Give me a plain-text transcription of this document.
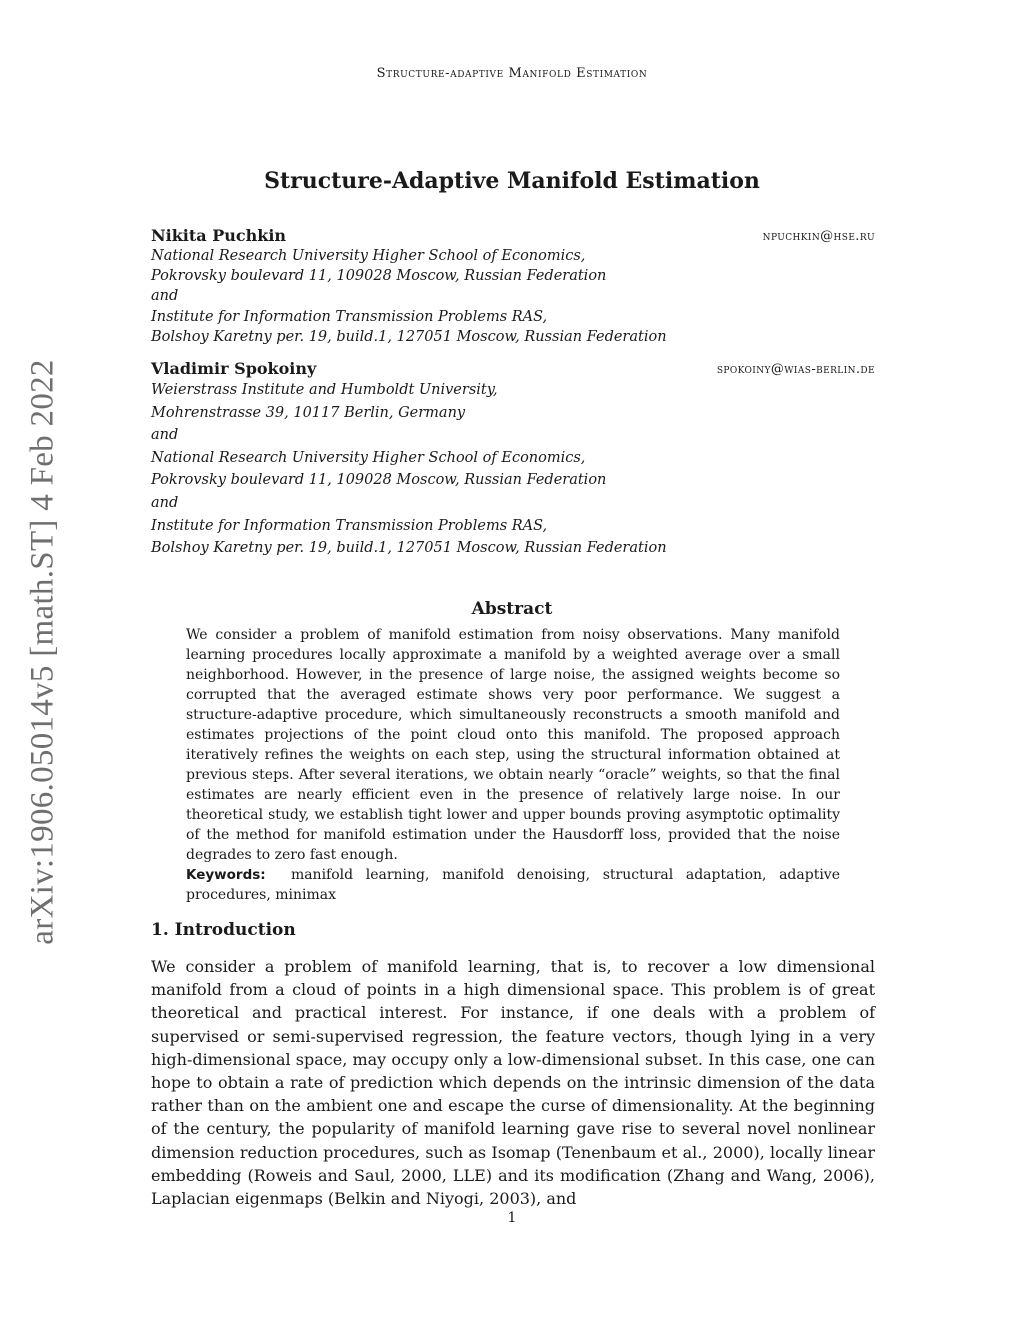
Structure-adaptive Manifold Estimation
Structure-Adaptive Manifold Estimation
arXiv:1906.05014v5 [math.ST] 4 Feb 2022
Nikita Puchkin	npuchkin@hse.ru
National Research University Higher School of Economics,
Pokrovsky boulevard 11, 109028 Moscow, Russian Federation
and
Institute for Information Transmission Problems RAS,
Bolshoy Karetny per. 19, build.1, 127051 Moscow, Russian Federation
Vladimir Spokoiny	spokoiny@wias-berlin.de
Weierstrass Institute and Humboldt University,
Mohrenstrasse 39, 10117 Berlin, Germany
and
National Research University Higher School of Economics,
Pokrovsky boulevard 11, 109028 Moscow, Russian Federation
and
Institute for Information Transmission Problems RAS,
Bolshoy Karetny per. 19, build.1, 127051 Moscow, Russian Federation
Abstract
We consider a problem of manifold estimation from noisy observations. Many manifold learning procedures locally approximate a manifold by a weighted average over a small neighborhood. However, in the presence of large noise, the assigned weights become so corrupted that the averaged estimate shows very poor performance. We suggest a structure-adaptive procedure, which simultaneously reconstructs a smooth manifold and estimates projections of the point cloud onto this manifold. The proposed approach iteratively refines the weights on each step, using the structural information obtained at previous steps. After several iterations, we obtain nearly “oracle” weights, so that the final estimates are nearly efficient even in the presence of relatively large noise. In our theoretical study, we establish tight lower and upper bounds proving asymptotic optimality of the method for manifold estimation under the Hausdorff loss, provided that the noise degrades to zero fast enough.
Keywords: manifold learning, manifold denoising, structural adaptation, adaptive procedures, minimax
1. Introduction
We consider a problem of manifold learning, that is, to recover a low dimensional manifold from a cloud of points in a high dimensional space. This problem is of great theoretical and practical interest. For instance, if one deals with a problem of supervised or semi-supervised regression, the feature vectors, though lying in a very high-dimensional space, may occupy only a low-dimensional subset. In this case, one can hope to obtain a rate of prediction which depends on the intrinsic dimension of the data rather than on the ambient one and escape the curse of dimensionality. At the beginning of the century, the popularity of manifold learning gave rise to several novel nonlinear dimension reduction procedures, such as Isomap (Tenenbaum et al., 2000), locally linear embedding (Roweis and Saul, 2000, LLE) and its modification (Zhang and Wang, 2006), Laplacian eigenmaps (Belkin and Niyogi, 2003), and
1
